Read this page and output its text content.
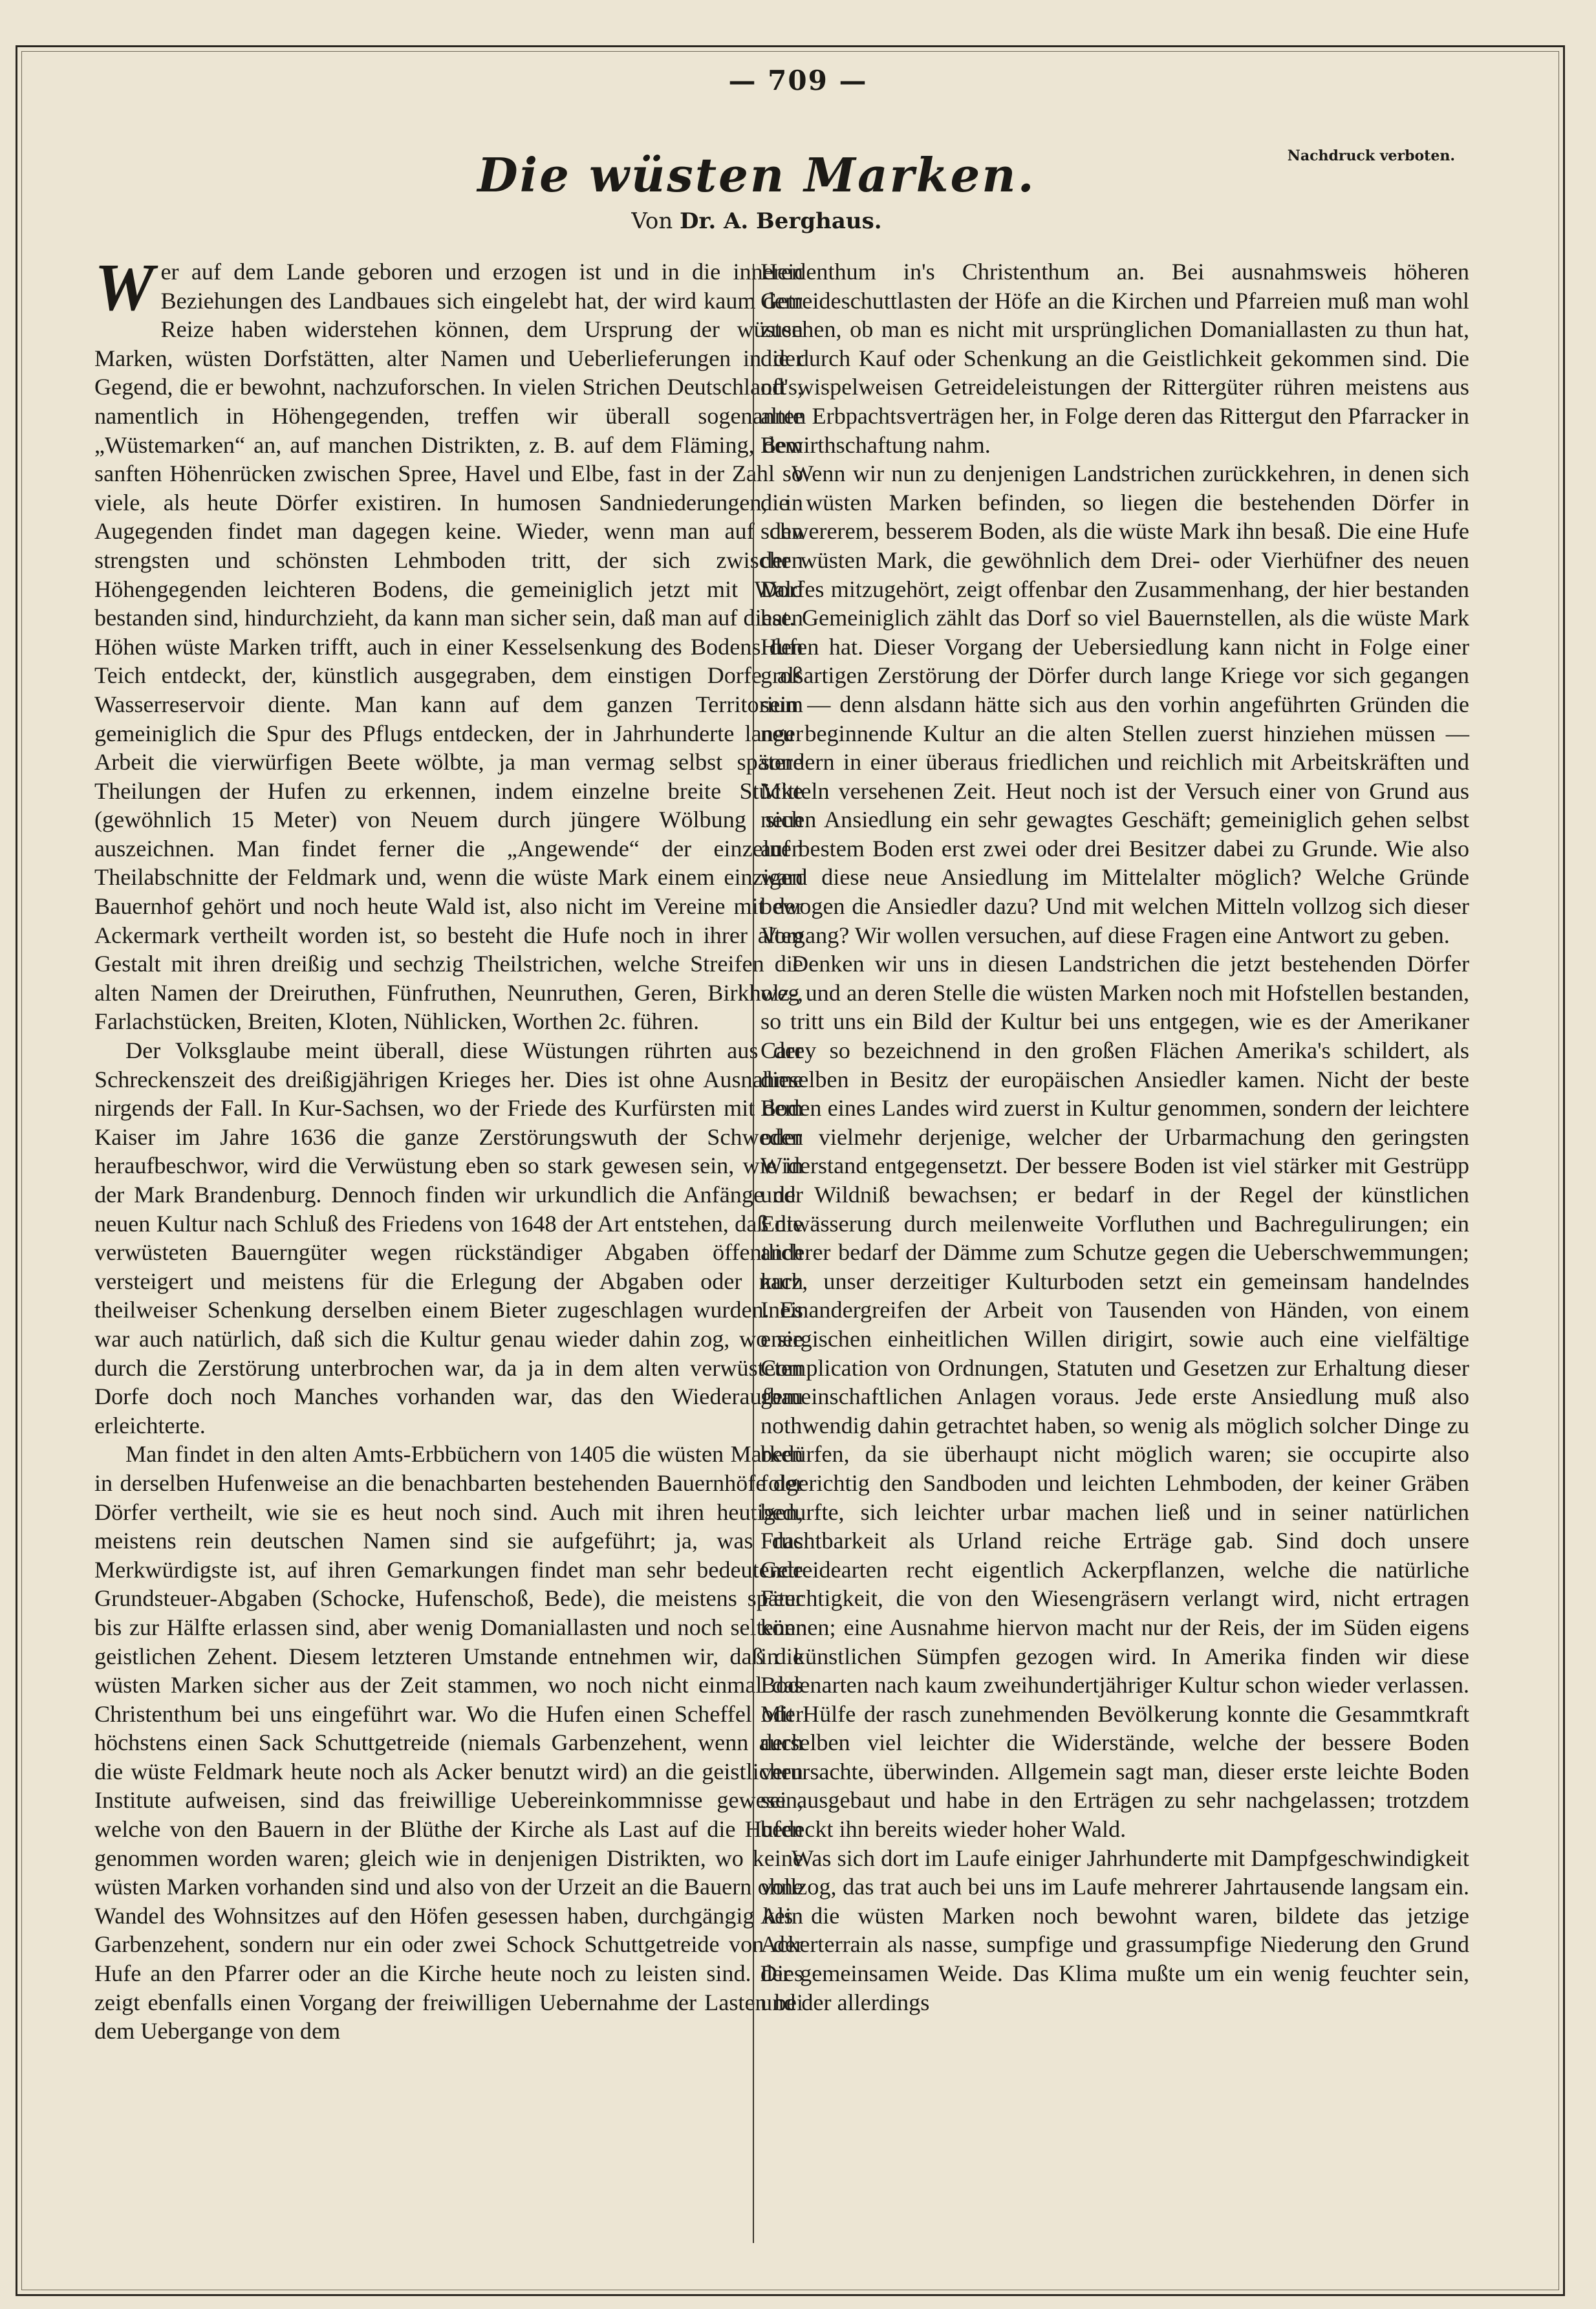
— 709 —
Nachdruck verboten.
Die wüsten Marken.
Von Dr. A. Berghaus.

Wer auf dem Lande geboren und erzogen ist und in die inneren Beziehungen des Landbaues sich eingelebt hat, der wird kaum dem Reize haben widerstehen können, dem Ursprung der wüsten Marken, wüsten Dorfstätten, alter Namen und Ueberlieferungen in der Gegend, die er bewohnt, nachzuforschen. In vielen Strichen Deutschland's, namentlich in Höhengegenden, treffen wir überall sogenannte „Wüstemarken“ an, auf manchen Distrikten, z. B. auf dem Fläming, dem sanften Höhenrücken zwischen Spree, Havel und Elbe, fast in der Zahl so viele, als heute Dörfer existiren. In humosen Sandniederungen, in Augegenden findet man dagegen keine. Wieder, wenn man auf den strengsten und schönsten Lehmboden tritt, der sich zwischen Höhengegenden leichteren Bodens, die gemeiniglich jetzt mit Wald bestanden sind, hindurchzieht, da kann man sicher sein, daß man auf diesen Höhen wüste Marken trifft, auch in einer Kesselsenkung des Bodens den Teich entdeckt, der, künstlich ausgegraben, dem einstigen Dorfe als Wasserreservoir diente. Man kann auf dem ganzen Territorium gemeiniglich die Spur des Pflugs entdecken, der in Jahrhunderte langer Arbeit die vierwürfigen Beete wölbte, ja man vermag selbst spätere Theilungen der Hufen zu erkennen, indem einzelne breite Stücke (gewöhnlich 15 Meter) von Neuem durch jüngere Wölbung sich auszeichnen. Man findet ferner die „Angewende“ der einzelnen Theilabschnitte der Feldmark und, wenn die wüste Mark einem einzigen Bauernhof gehört und noch heute Wald ist, also nicht im Vereine mit der Ackermark vertheilt worden ist, so besteht die Hufe noch in ihrer alten Gestalt mit ihren dreißig und sechzig Theilstrichen, welche Streifen die alten Namen der Dreiruthen, Fünfruthen, Neunruthen, Geren, Birkholz-, Farlachstücken, Breiten, Kloten, Nühlicken, Worthen 2c. führen.

Der Volksglaube meint überall, diese Wüstungen rührten aus der Schreckenszeit des dreißigjährigen Krieges her. Dies ist ohne Ausnahme nirgends der Fall. In Kur-Sachsen, wo der Friede des Kurfürsten mit dem Kaiser im Jahre 1636 die ganze Zerstörungswuth der Schweden heraufbeschwor, wird die Verwüstung eben so stark gewesen sein, wie in der Mark Brandenburg. Dennoch finden wir urkundlich die Anfänge der neuen Kultur nach Schluß des Friedens von 1648 der Art entstehen, daß die verwüsteten Bauerngüter wegen rückständiger Abgaben öffentlich versteigert und meistens für die Erlegung der Abgaben oder nach theilweiser Schenkung derselben einem Bieter zugeschlagen wurden. Es war auch natürlich, daß sich die Kultur genau wieder dahin zog, wo sie durch die Zerstörung unterbrochen war, da ja in dem alten verwüsteten Dorfe doch noch Manches vorhanden war, das den Wiederaufbau erleichterte.

Man findet in den alten Amts-Erbbüchern von 1405 die wüsten Marken in derselben Hufenweise an die benachbarten bestehenden Bauernhöfe der Dörfer vertheilt, wie sie es heut noch sind. Auch mit ihren heutigen, meistens rein deutschen Namen sind sie aufgeführt; ja, was das Merkwürdigste ist, auf ihren Gemarkungen findet man sehr bedeutende Grundsteuer-Abgaben (Schocke, Hufenschoß, Bede), die meistens später bis zur Hälfte erlassen sind, aber wenig Domaniallasten und noch seltener geistlichen Zehent. Diesem letzteren Umstande entnehmen wir, daß die wüsten Marken sicher aus der Zeit stammen, wo noch nicht einmal das Christenthum bei uns eingeführt war. Wo die Hufen einen Scheffel oder höchstens einen Sack Schuttgetreide (niemals Garbenzehent, wenn auch die wüste Feldmark heute noch als Acker benutzt wird) an die geistlichen Institute aufweisen, sind das freiwillige Uebereinkommnisse gewesen, welche von den Bauern in der Blüthe der Kirche als Last auf die Hufen genommen worden waren; gleich wie in denjenigen Distrikten, wo keine wüsten Marken vorhanden sind und also von der Urzeit an die Bauern ohne Wandel des Wohnsitzes auf den Höfen gesessen haben, durchgängig kein Garbenzehent, sondern nur ein oder zwei Schock Schuttgetreide von der Hufe an den Pfarrer oder an die Kirche heute noch zu leisten sind. Dies zeigt ebenfalls einen Vorgang der freiwilligen Uebernahme der Lasten bei dem Uebergange von dem

Heidenthum in's Christenthum an. Bei ausnahmsweis höheren Getreideschuttlasten der Höfe an die Kirchen und Pfarreien muß man wohl zusehen, ob man es nicht mit ursprünglichen Domaniallasten zu thun hat, die durch Kauf oder Schenkung an die Geistlichkeit gekommen sind. Die oft wispelweisen Getreideleistungen der Rittergüter rühren meistens aus alten Erbpachtsverträgen her, in Folge deren das Rittergut den Pfarracker in Bewirthschaftung nahm.

Wenn wir nun zu denjenigen Landstrichen zurückkehren, in denen sich die wüsten Marken befinden, so liegen die bestehenden Dörfer in schwererem, besserem Boden, als die wüste Mark ihn besaß. Die eine Hufe der wüsten Mark, die gewöhnlich dem Drei- oder Vierhüfner des neuen Dorfes mitzugehört, zeigt offenbar den Zusammenhang, der hier bestanden hat. Gemeiniglich zählt das Dorf so viel Bauernstellen, als die wüste Mark Hufen hat. Dieser Vorgang der Uebersiedlung kann nicht in Folge einer großartigen Zerstörung der Dörfer durch lange Kriege vor sich gegangen sein — denn alsdann hätte sich aus den vorhin angeführten Gründen die neu beginnende Kultur an die alten Stellen zuerst hinziehen müssen — sondern in einer überaus friedlichen und reichlich mit Arbeitskräften und Mitteln versehenen Zeit. Heut noch ist der Versuch einer von Grund aus neuen Ansiedlung ein sehr gewagtes Geschäft; gemeiniglich gehen selbst auf bestem Boden erst zwei oder drei Besitzer dabei zu Grunde. Wie also ward diese neue Ansiedlung im Mittelalter möglich? Welche Gründe bewogen die Ansiedler dazu? Und mit welchen Mitteln vollzog sich dieser Vorgang? Wir wollen versuchen, auf diese Fragen eine Antwort zu geben.

Denken wir uns in diesen Landstrichen die jetzt bestehenden Dörfer weg und an deren Stelle die wüsten Marken noch mit Hofstellen bestanden, so tritt uns ein Bild der Kultur bei uns entgegen, wie es der Amerikaner Carey so bezeichnend in den großen Flächen Amerika's schildert, als dieselben in Besitz der europäischen Ansiedler kamen. Nicht der beste Boden eines Landes wird zuerst in Kultur genommen, sondern der leichtere oder vielmehr derjenige, welcher der Urbarmachung den geringsten Widerstand entgegensetzt. Der bessere Boden ist viel stärker mit Gestrüpp und Wildniß bewachsen; er bedarf in der Regel der künstlichen Entwässerung durch meilenweite Vorfluthen und Bachregulirungen; ein anderer bedarf der Dämme zum Schutze gegen die Ueberschwemmungen; kurz, unser derzeitiger Kulturboden setzt ein gemeinsam handelndes Ineinandergreifen der Arbeit von Tausenden von Händen, von einem energischen einheitlichen Willen dirigirt, sowie auch eine vielfältige Complication von Ordnungen, Statuten und Gesetzen zur Erhaltung dieser gemeinschaftlichen Anlagen voraus. Jede erste Ansiedlung muß also nothwendig dahin getrachtet haben, so wenig als möglich solcher Dinge zu bedürfen, da sie überhaupt nicht möglich waren; sie occupirte also folgerichtig den Sandboden und leichten Lehmboden, der keiner Gräben bedurfte, sich leichter urbar machen ließ und in seiner natürlichen Fruchtbarkeit als Urland reiche Erträge gab. Sind doch unsere Getreidearten recht eigentlich Ackerpflanzen, welche die natürliche Feuchtigkeit, die von den Wiesengräsern verlangt wird, nicht ertragen können; eine Ausnahme hiervon macht nur der Reis, der im Süden eigens in künstlichen Sümpfen gezogen wird. In Amerika finden wir diese Bodenarten nach kaum zweihundertjähriger Kultur schon wieder verlassen. Mit Hülfe der rasch zunehmenden Bevölkerung konnte die Gesammtkraft derselben viel leichter die Widerstände, welche der bessere Boden verursachte, überwinden. Allgemein sagt man, dieser erste leichte Boden sei ausgebaut und habe in den Erträgen zu sehr nachgelassen; trotzdem bedeckt ihn bereits wieder hoher Wald.

Was sich dort im Laufe einiger Jahrhunderte mit Dampfgeschwindigkeit vollzog, das trat auch bei uns im Laufe mehrerer Jahrtausende langsam ein. Als die wüsten Marken noch bewohnt waren, bildete das jetzige Ackerterrain als nasse, sumpfige und grassumpfige Niederung den Grund der gemeinsamen Weide. Das Klima mußte um ein wenig feuchter sein, und der allerdings
